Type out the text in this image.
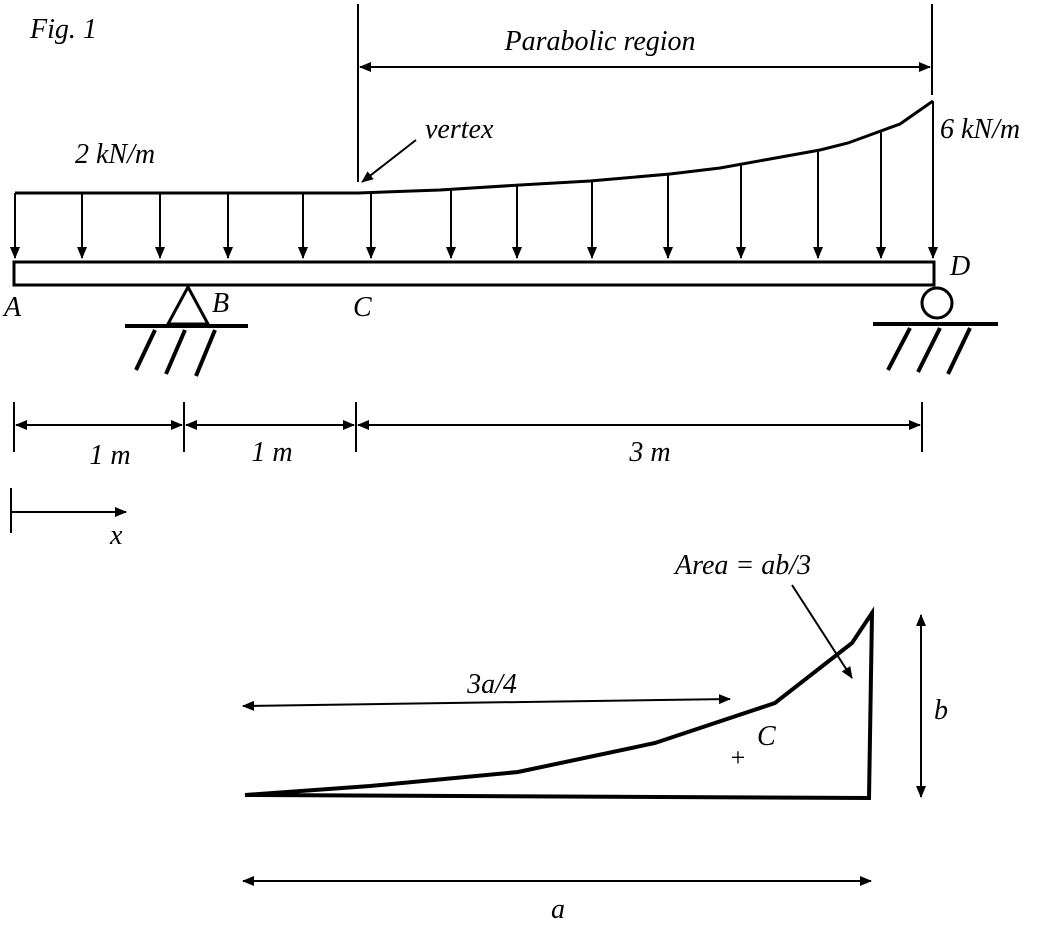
Fig. 1	Parabolic region
vertex
2 kN/m
6 kN/m
A	B	C
D
1 m	1 m	3 m
x
Area = ab/3
3a/4
+
C
b
a
